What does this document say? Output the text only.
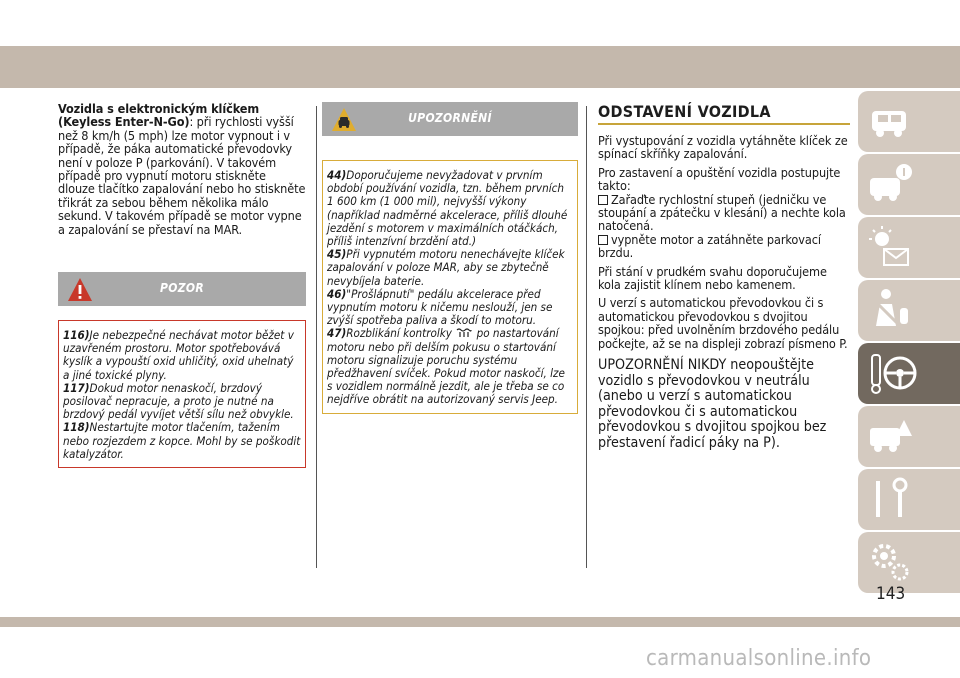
Vozidla s elektronickým klíčkem (Keyless Enter-N-Go): při rychlosti vyšší než 8 km/h (5 mph) lze motor vypnout i v případě, že páka automatické převodovky není v poloze P (parkování). V takovém případě pro vypnutí motoru stiskněte dlouze tlačítko zapalování nebo ho stiskněte třikrát za sebou během několika málo sekund. V takovém případě se motor vypne a zapalování se přestaví na MAR.

POZOR

116)Je nebezpečné nechávat motor běžet v uzavřeném prostoru. Motor spotřebovává kyslík a vypouští oxid uhličitý, oxid uhelnatý a jiné toxické plyny.

117)Dokud motor nenaskočí, brzdový posilovač nepracuje, a proto je nutné na brzdový pedál vyvíjet větší sílu než obvykle.

118)Nestartujte motor tlačením, tažením nebo rozjezdem z kopce. Mohl by se poškodit katalyzátor.

UPOZORNĚNÍ

44)Doporučujeme nevyžadovat v prvním období používání vozidla, tzn. během prvních 1 600 km (1 000 mil), nejvyšší výkony (například nadměrné akcelerace, příliš dlouhé jezdění s motorem v maximálních otáčkách, příliš intenzívní brzdění atd.)

45)Při vypnutém motoru nenechávejte klíček zapalování v poloze MAR, aby se zbytečně nevybíjela baterie.

46)"Prošlápnutí" pedálu akcelerace před vypnutím motoru k ničemu neslouží, jen se zvýší spotřeba paliva a škodí to motoru.

47)Rozblikání kontrolky po nastartování motoru nebo při delším pokusu o startování motoru signalizuje poruchu systému předžhavení svíček. Pokud motor naskočí, lze s vozidlem normálně jezdit, ale je třeba se co nejdříve obrátit na autorizovaný servis Jeep.

ODSTAVENÍ VOZIDLA

Při vystupování z vozidla vytáhněte klíček ze spínací skříňky zapalování.

Pro zastavení a opuštění vozidla postupujte takto:

Zařaďte rychlostní stupeň (jedničku ve stoupání a zpátečku v klesání) a nechte kola natočená.

vypněte motor a zatáhněte parkovací brzdu.

Při stání v prudkém svahu doporučujeme kola zajistit klínem nebo kamenem.

U verzí s automatickou převodovkou či s automatickou převodovkou s dvojitou spojkou: před uvolněním brzdového pedálu počkejte, až se na displeji zobrazí písmeno P.

UPOZORNĚNÍ NIKDY neopouštějte vozidlo s převodovkou v neutrálu (anebo u verzí s automatickou převodovkou či s automatickou převodovkou s dvojitou spojkou bez přestavení řadicí páky na P).

143
carmanualsonline.info
